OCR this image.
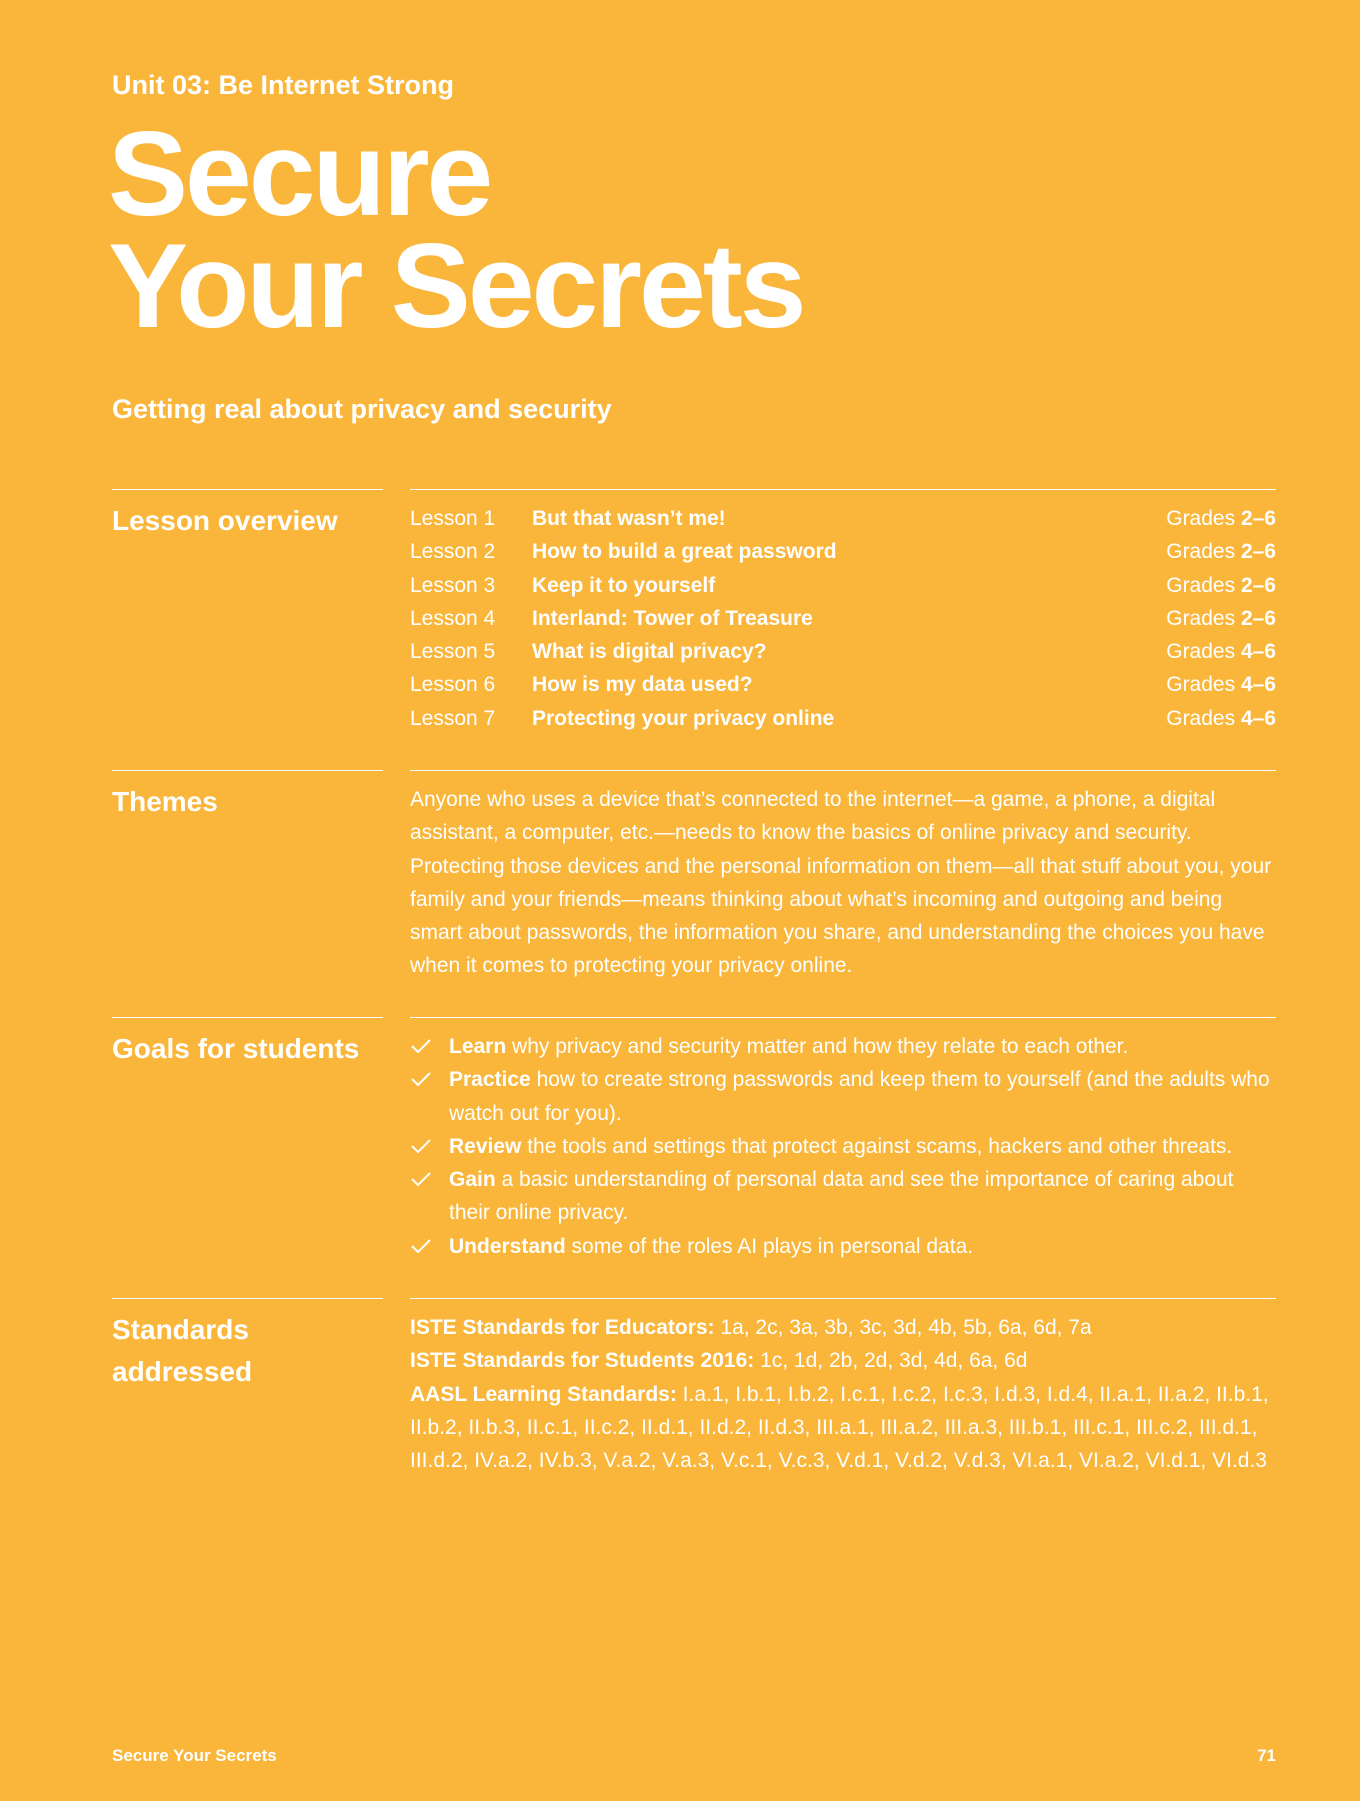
Unit 03: Be Internet Strong
Secure
Your Secrets
Getting real about privacy and security
Lesson overview	Lesson 1	But that wasn’t me!	Grades 2–6
Lesson 2	How to build a great password	Grades 2–6
Lesson 3	Keep it to yourself	Grades 2–6
Lesson 4	Interland: Tower of Treasure	Grades 2–6
Lesson 5	What is digital privacy?	Grades 4–6
Lesson 6	How is my data used?	Grades 4–6
Lesson 7	Protecting your privacy online	Grades 4–6
Themes	Anyone who uses a device that’s connected to the internet—a game, a phone, a digital assistant, a computer, etc.—needs to know the basics of online privacy and security. Protecting those devices and the personal information on them—all that stuff about you, your family and your friends—means thinking about what’s incoming and outgoing and being smart about passwords, the information you share, and understanding the choices you have when it comes to protecting your privacy online.
Goals for students	Learn why privacy and security matter and how they relate to each other.
Practice how to create strong passwords and keep them to yourself (and the adults who watch out for you).
Review the tools and settings that protect against scams, hackers and other threats.
Gain a basic understanding of personal data and see the importance of caring about their online privacy.
Understand some of the roles AI plays in personal data.
Standards
addressed
ISTE Standards for Educators: 1a, 2c, 3a, 3b, 3c, 3d, 4b, 5b, 6a, 6d, 7a
ISTE Standards for Students 2016: 1c, 1d, 2b, 2d, 3d, 4d, 6a, 6d
AASL Learning Standards: I.a.1, I.b.1, I.b.2, I.c.1, I.c.2, I.c.3, I.d.3, I.d.4, II.a.1, II.a.2, II.b.1, II.b.2, II.b.3, II.c.1, II.c.2, II.d.1, II.d.2, II.d.3, III.a.1, III.a.2, III.a.3, III.b.1, III.c.1, III.c.2, III.d.1, III.d.2, IV.a.2, IV.b.3, V.a.2, V.a.3, V.c.1, V.c.3, V.d.1, V.d.2, V.d.3, VI.a.1, VI.a.2, VI.d.1, VI.d.3
Secure Your Secrets	71
